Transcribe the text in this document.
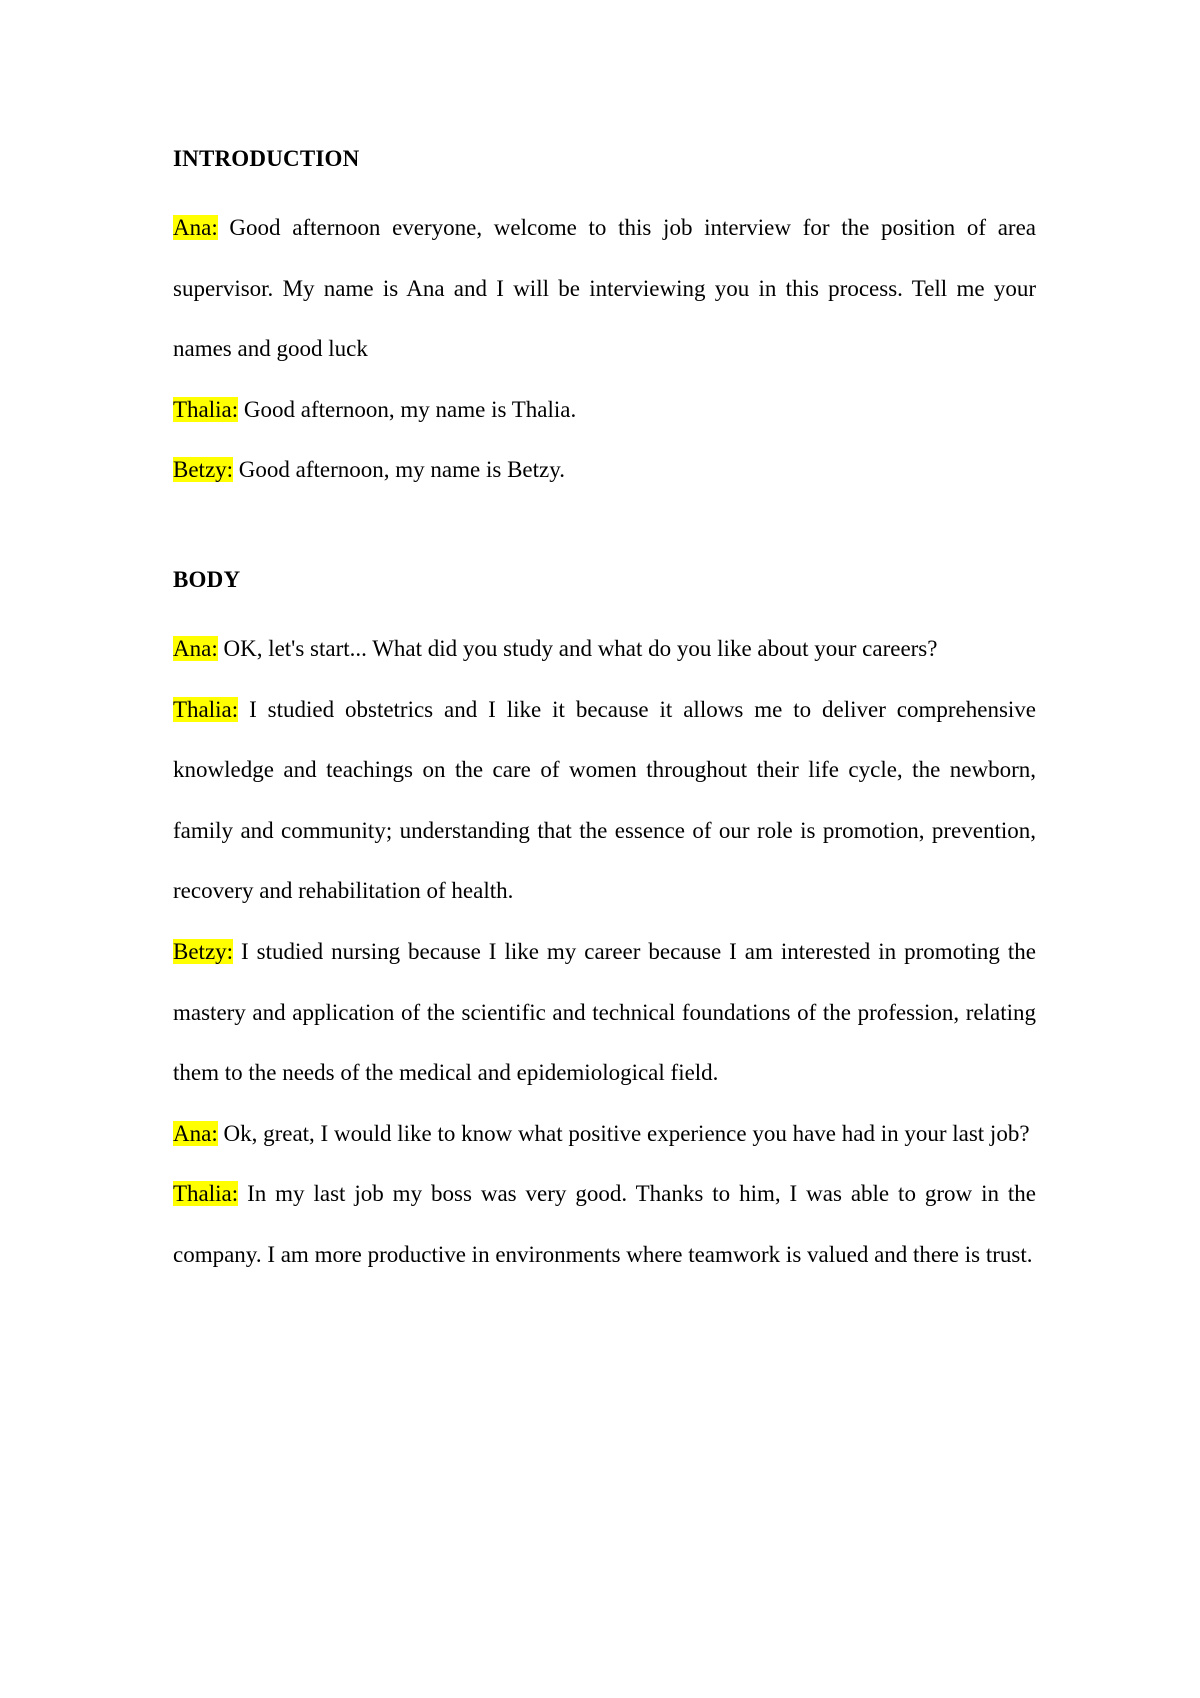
INTRODUCTION

Ana: Good afternoon everyone, welcome to this job interview for the position of area supervisor. My name is Ana and I will be interviewing you in this process. Tell me your names and good luck

Thalia: Good afternoon, my name is Thalia.

Betzy: Good afternoon, my name is Betzy.

BODY

Ana: OK, let's start... What did you study and what do you like about your careers?

Thalia: I studied obstetrics and I like it because it allows me to deliver comprehensive knowledge and teachings on the care of women throughout their life cycle, the newborn, family and community; understanding that the essence of our role is promotion, prevention, recovery and rehabilitation of health.

Betzy: I studied nursing because I like my career because I am interested in promoting the mastery and application of the scientific and technical foundations of the profession, relating them to the needs of the medical and epidemiological field.

Ana: Ok, great, I would like to know what positive experience you have had in your last job?

Thalia: In my last job my boss was very good. Thanks to him, I was able to grow in the company. I am more productive in environments where teamwork is valued and there is trust.
